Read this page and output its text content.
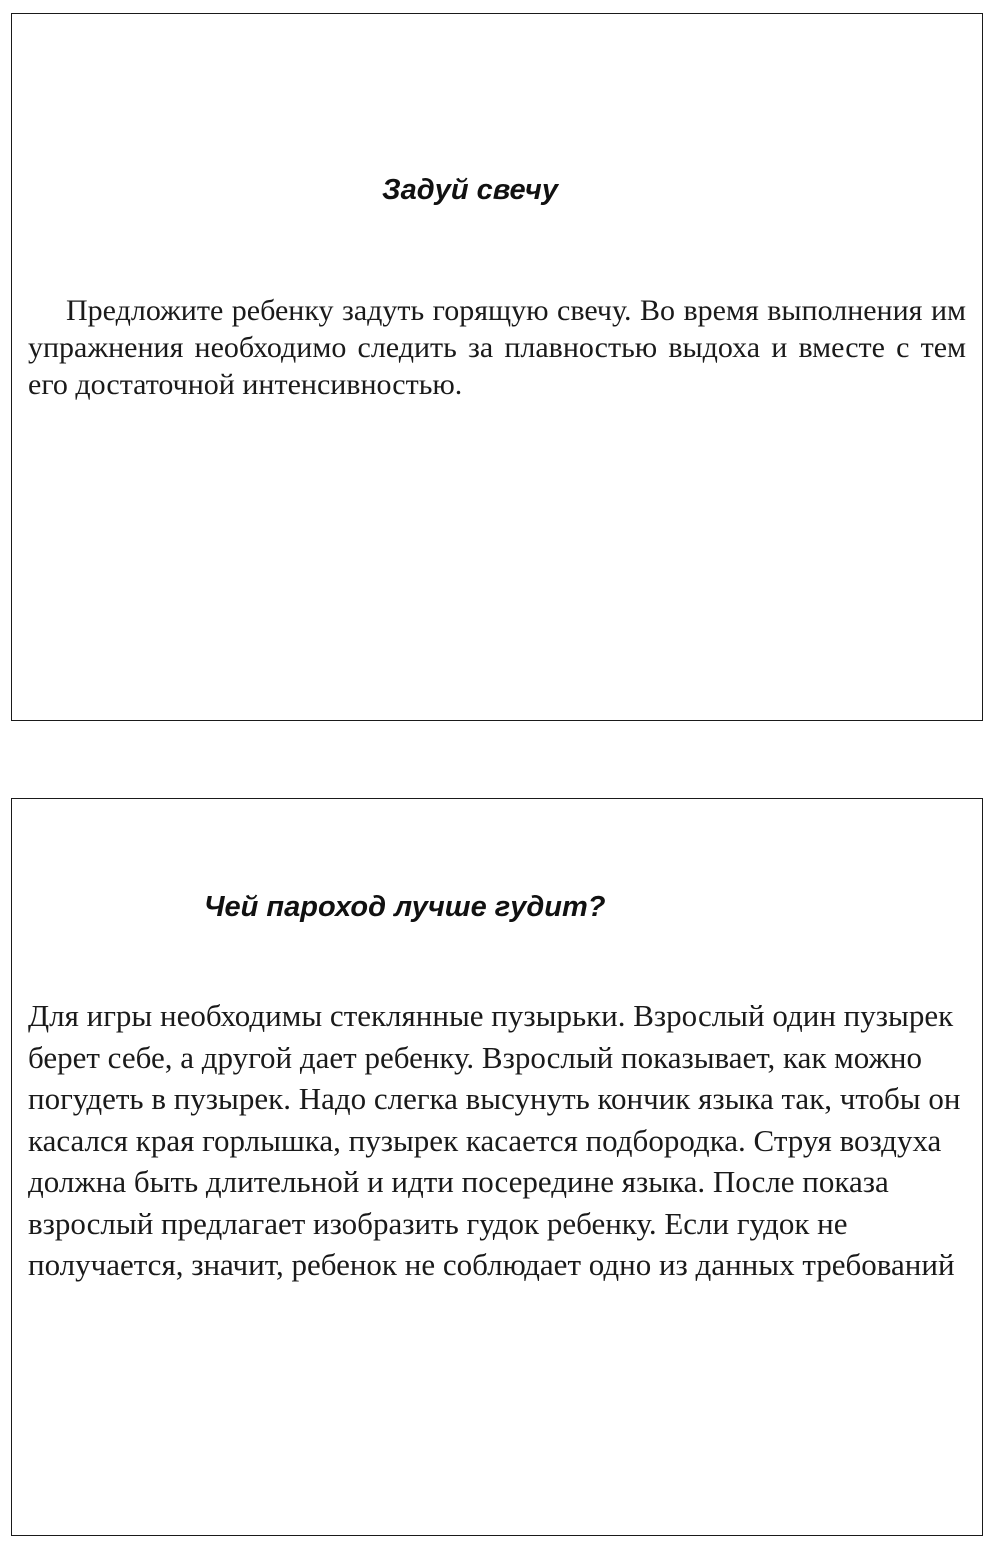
Задуй свечу

Предложите ребенку задуть горящую свечу. Во время выполнения им упражнения необходимо следить за плавностью выдоха и вместе с тем его достаточной интенсивностью.

Чей пароход лучше гудит?

Для игры необходимы стеклянные пузырьки. Взрослый один пузырек берет себе, а другой дает ребенку. Взрослый показывает, как можно погудеть в пузырек. Надо слегка высунуть кончик языка так, чтобы он касался края горлышка, пузырек касается подбородка. Струя воздуха должна быть длительной и идти посередине языка. После показа взрослый предлагает изобразить гудок ребенку. Если гудок не получается, значит, ребенок не соблюдает одно из данных требований
